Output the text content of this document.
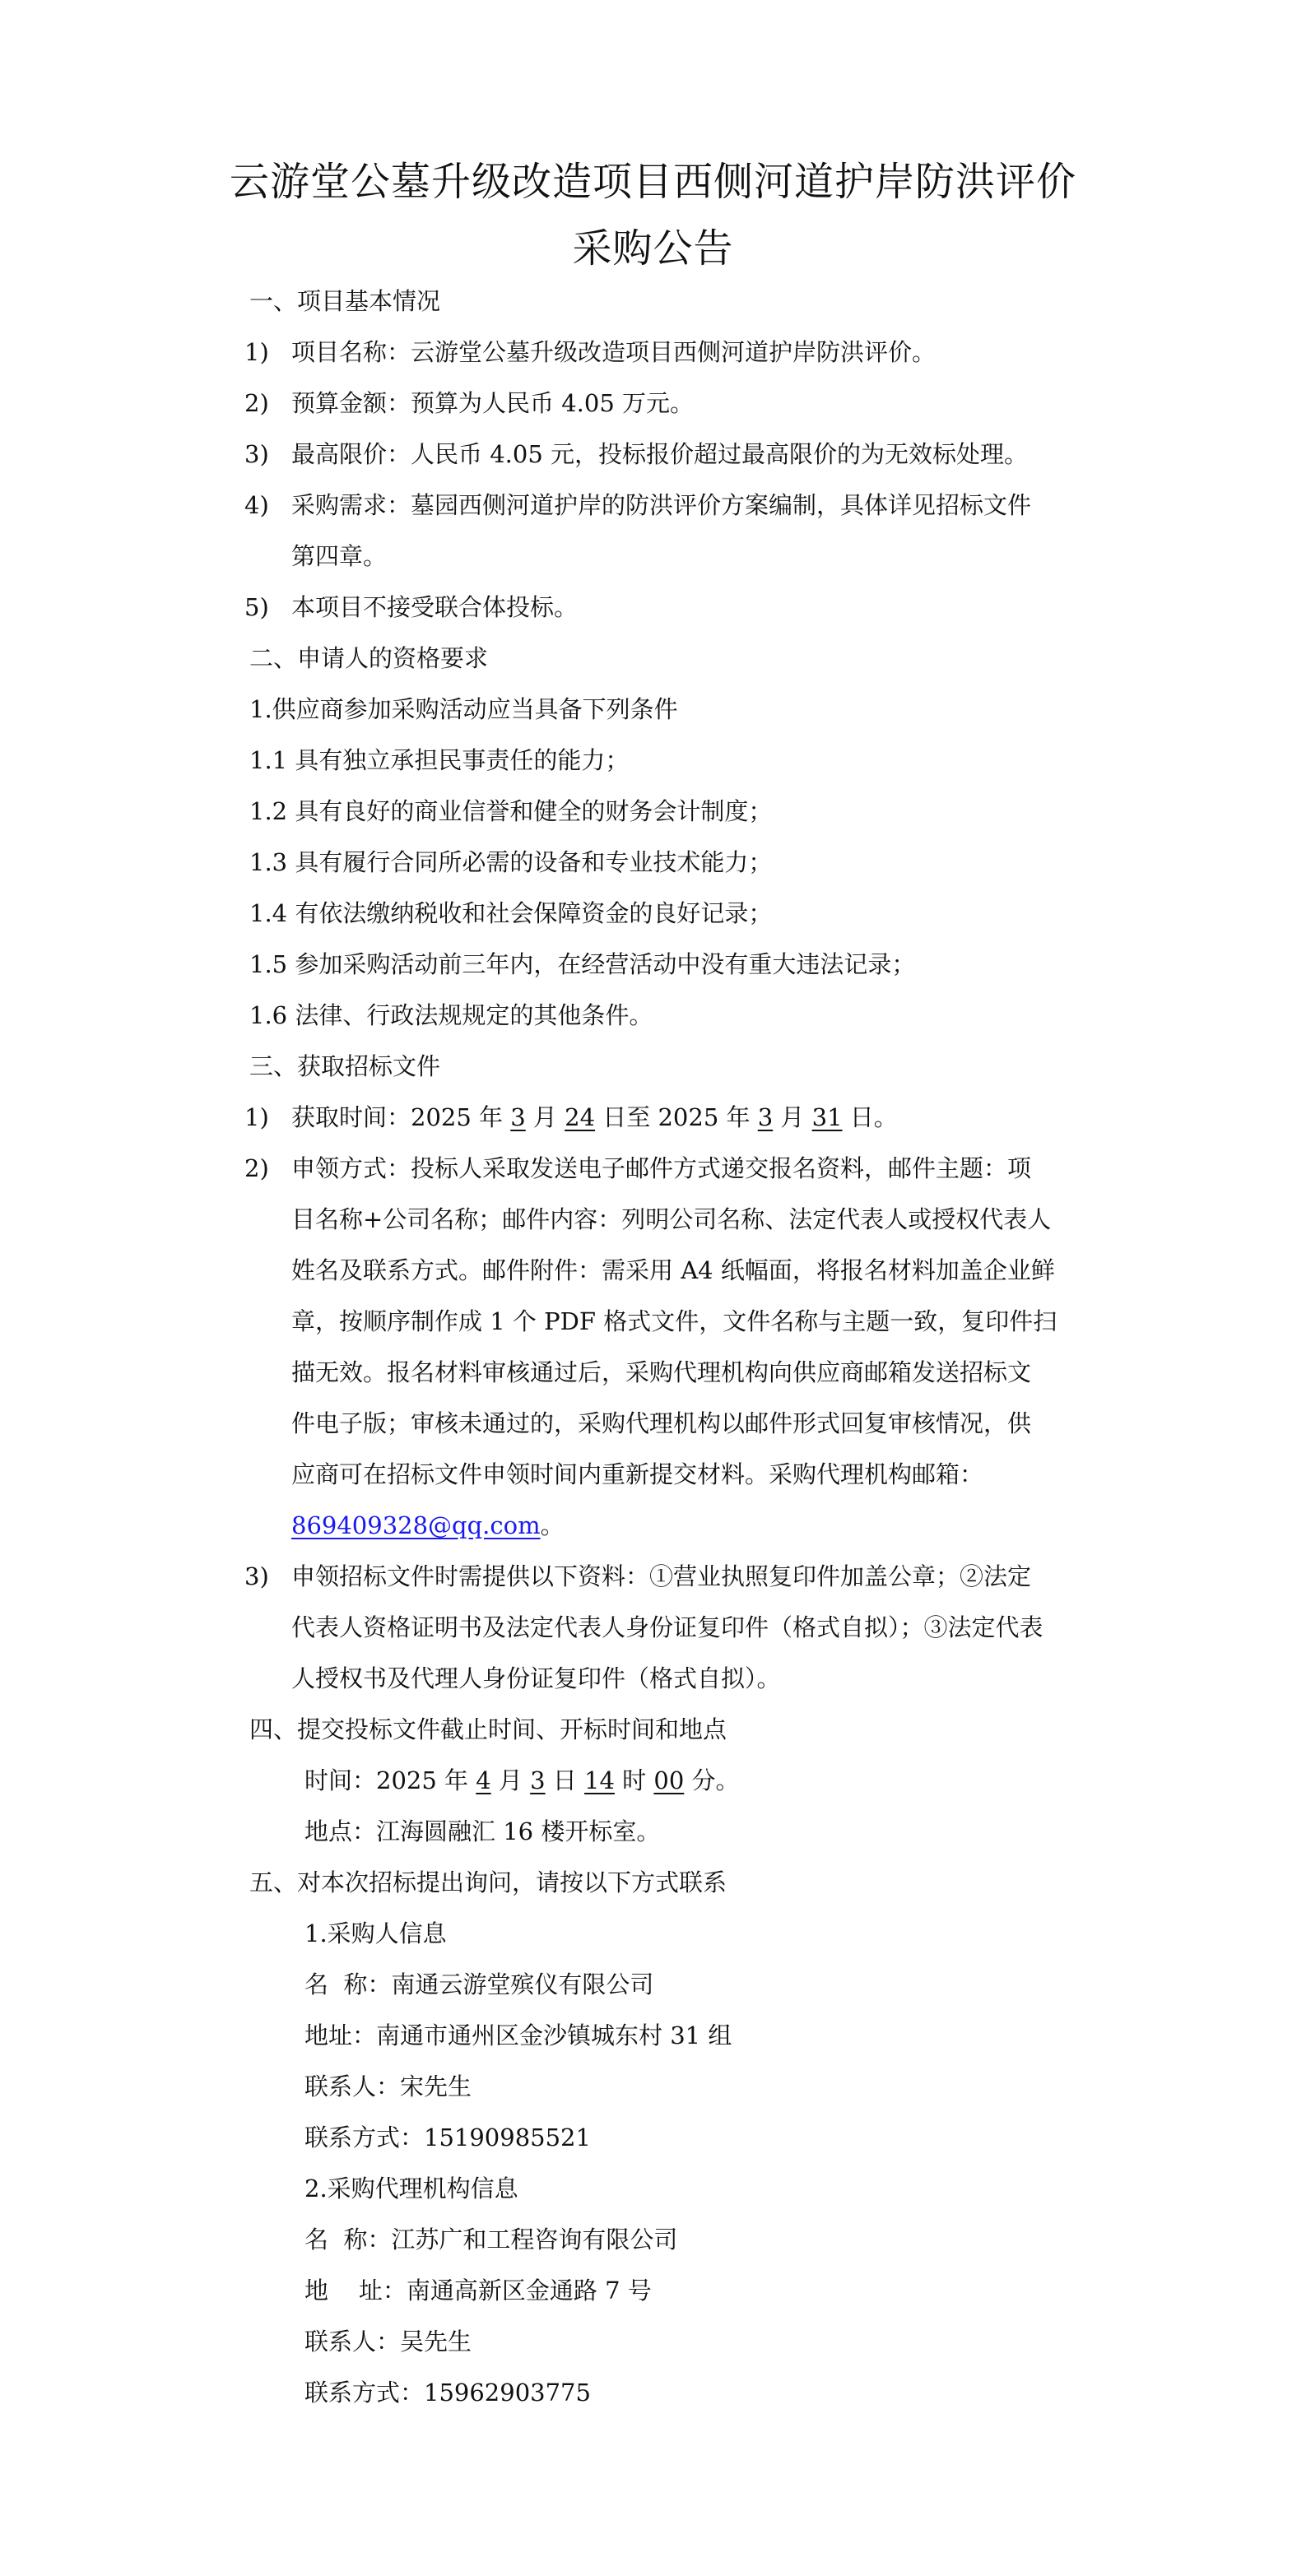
云游堂公墓升级改造项目西侧河道护岸防洪评价
采购公告

一、项目基本情况

1) 项目名称：云游堂公墓升级改造项目西侧河道护岸防洪评价。

2) 预算金额：预算为人民币 4.05 万元。

3) 最高限价：人民币 4.05 元，投标报价超过最高限价的为无效标处理。

4) 采购需求：墓园西侧河道护岸的防洪评价方案编制，具体详见招标文件

第四章。

5) 本项目不接受联合体投标。

二、申请人的资格要求

1.供应商参加采购活动应当具备下列条件

1.1 具有独立承担民事责任的能力；

1.2 具有良好的商业信誉和健全的财务会计制度；

1.3 具有履行合同所必需的设备和专业技术能力；

1.4 有依法缴纳税收和社会保障资金的良好记录；

1.5 参加采购活动前三年内，在经营活动中没有重大违法记录；

1.6 法律、行政法规规定的其他条件。

三、获取招标文件

1) 获取时间：2025 年 3 月 24 日至 2025 年 3 月 31 日。

2) 申领方式：投标人采取发送电子邮件方式递交报名资料，邮件主题：项

目名称+公司名称；邮件内容：列明公司名称、法定代表人或授权代表人

姓名及联系方式。邮件附件：需采用 A4 纸幅面，将报名材料加盖企业鲜

章，按顺序制作成 1 个 PDF 格式文件，文件名称与主题一致，复印件扫

描无效。报名材料审核通过后，采购代理机构向供应商邮箱发送招标文

件电子版；审核未通过的，采购代理机构以邮件形式回复审核情况，供

应商可在招标文件申领时间内重新提交材料。采购代理机构邮箱：

869409328@qq.com。

3) 申领招标文件时需提供以下资料：①营业执照复印件加盖公章；②法定

代表人资格证明书及法定代表人身份证复印件（格式自拟）；③法定代表

人授权书及代理人身份证复印件（格式自拟）。

四、提交投标文件截止时间、开标时间和地点

时间：2025 年 4 月 3 日 14 时 00 分。

地点：江海圆融汇 16 楼开标室。

五、对本次招标提出询问，请按以下方式联系

1.采购人信息

名  称：南通云游堂殡仪有限公司

地址：南通市通州区金沙镇城东村 31 组

联系人：宋先生

联系方式：15190985521

2.采购代理机构信息

名  称：江苏广和工程咨询有限公司

地    址：南通高新区金通路 7 号

联系人：吴先生

联系方式：15962903775
